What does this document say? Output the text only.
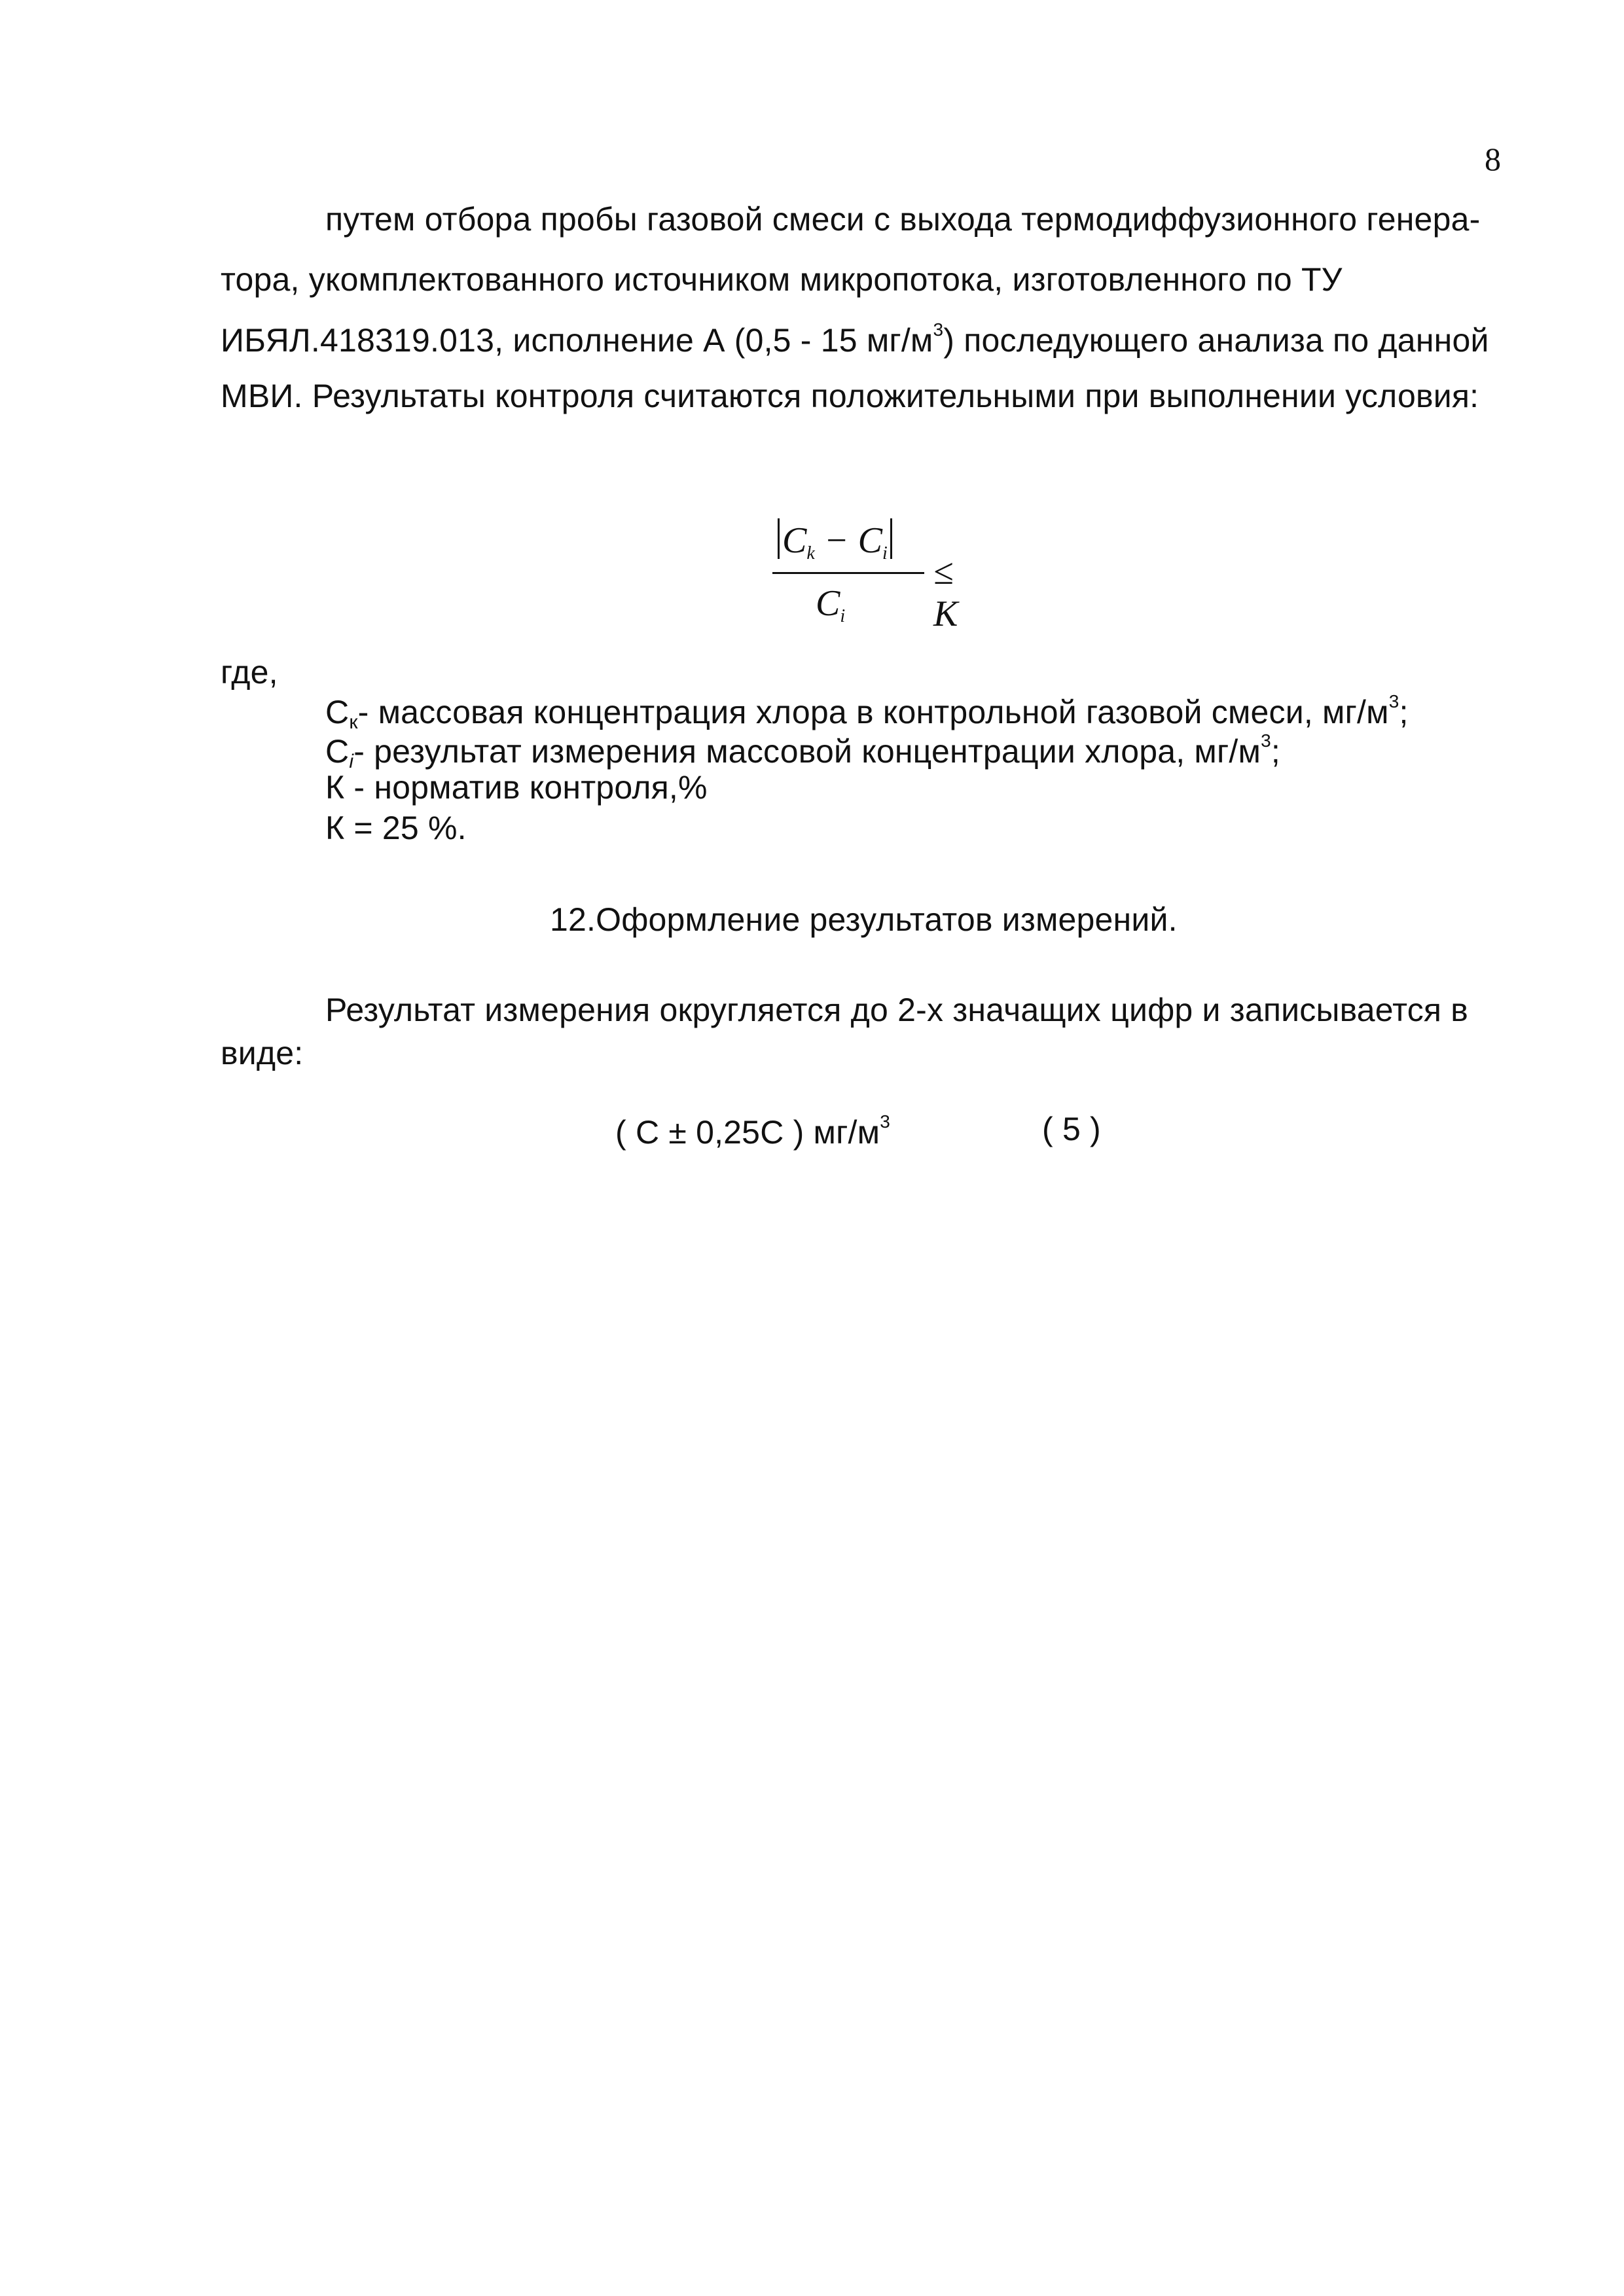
8
путем отбора пробы газовой смеси с выхода термодиффузионного генера-
тора, укомплектованного источником микропотока, изготовленного по ТУ
ИБЯЛ.418319.013, исполнение А (0,5 - 15 $мг/м^3$) последующего анализа по данной
МВИ. Результаты контроля считаются положительными при выполнении условия:
$C_k - C_i$
$C_i$
≤ K
где,
$С_к-$ массовая концентрация хлора в контрольной газовой смеси, $мг/м^3$;
$С_i-$ результат измерения массовой концентрации хлора, $мг/м^3$;
К - норматив контроля,%
К = 25 %.
12.Оформление результатов измерений.
Результат измерения округляется до 2-х значащих цифр и записывается в
виде:
( С ± 0,25С ) $мг/м^3$	( 5 )
